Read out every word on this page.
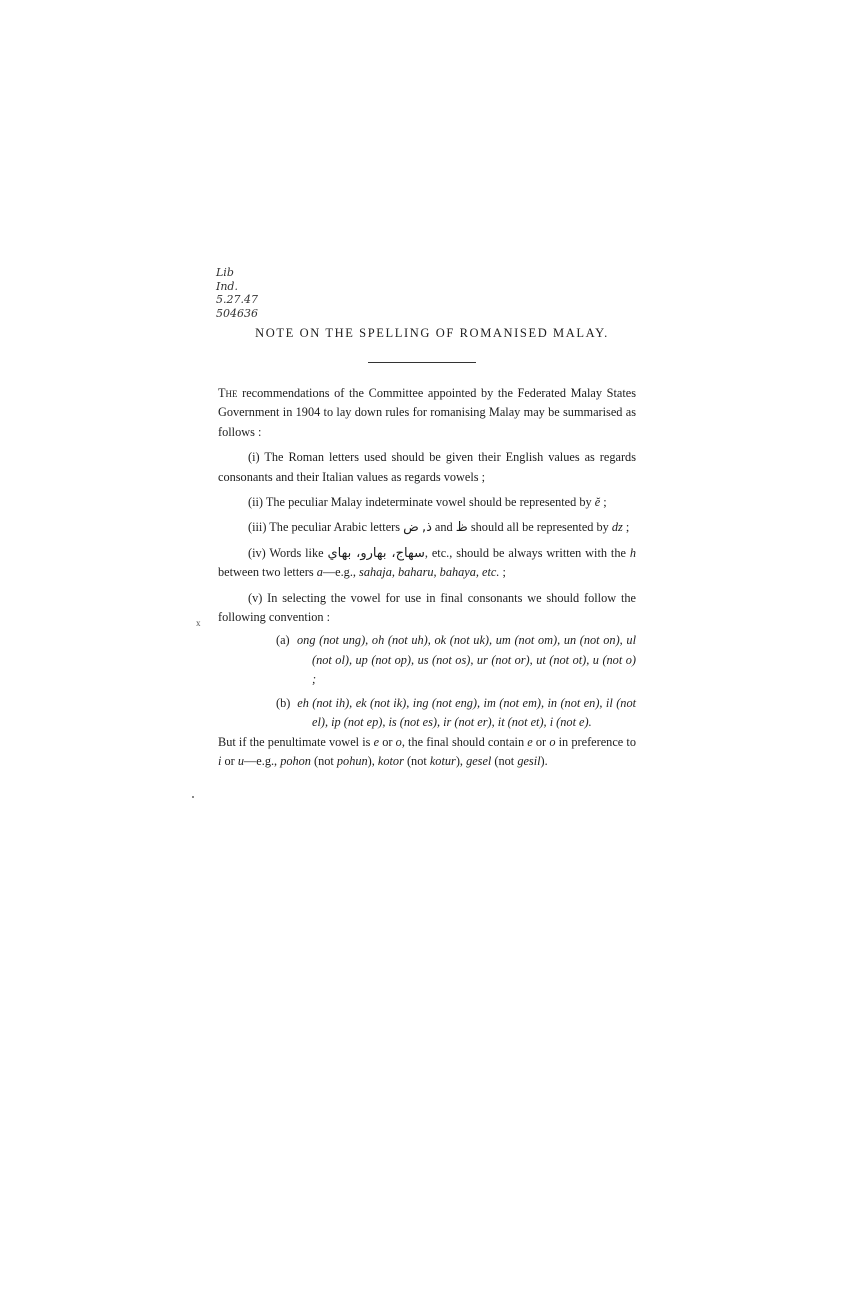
Lib
Ind.
5.27.47
504636
NOTE ON THE SPELLING OF ROMANISED MALAY.
x

The recommendations of the Committee appointed by the Federated Malay States Government in 1904 to lay down rules for romanising Malay may be summarised as follows :

(i) The Roman letters used should be given their English values as regards consonants and their Italian values as regards vowels ;

(ii) The peculiar Malay indeterminate vowel should be represented by ĕ ;

(iii) The peculiar Arabic letters ذ, ض and ظ should all be represented by dz ;

(iv) Words like سهاج، بهارو، بهاي, etc., should be always written with the h between two letters a—e.g., sahaja, baharu, bahaya, etc. ;

(v) In selecting the vowel for use in final consonants we should follow the following convention :

(a) ong (not ung), oh (not uh), ok (not uk), um (not om), un (not on), ul (not ol), up (not op), us (not os), ur (not or), ut (not ot), u (not o) ;

(b) eh (not ih), ek (not ik), ing (not eng), im (not em), in (not en), il (not el), ip (not ep), is (not es), ir (not er), it (not et), i (not e).

But if the penultimate vowel is e or o, the final should contain e or o in preference to i or u—e.g., pohon (not pohun), kotor (not kotur), gesel (not gesil).
